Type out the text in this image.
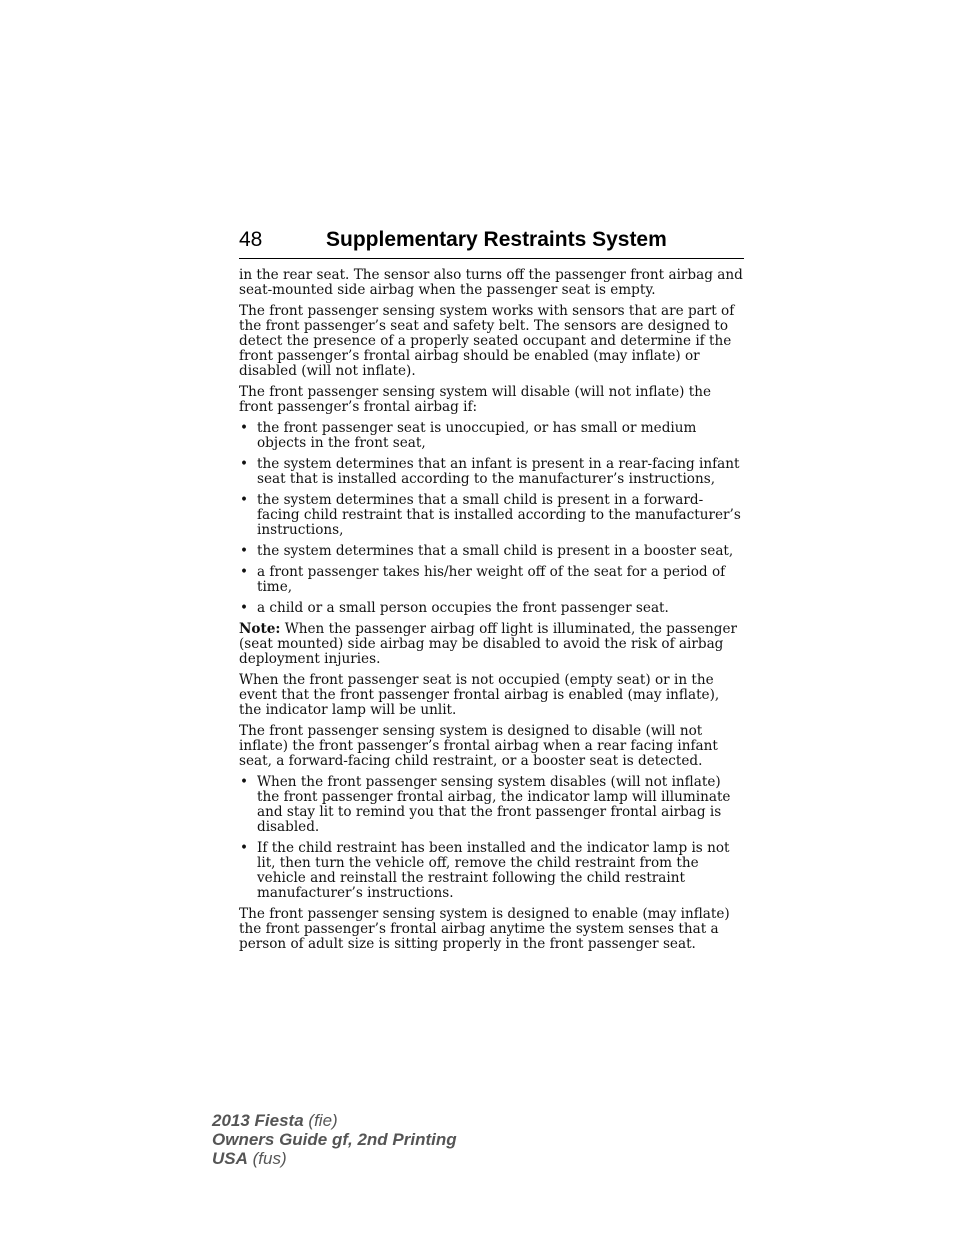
48	Supplementary Restraints System

in the rear seat. The sensor also turns off the passenger front airbag and seat-mounted side airbag when the passenger seat is empty.

The front passenger sensing system works with sensors that are part of the front passenger’s seat and safety belt. The sensors are designed to detect the presence of a properly seated occupant and determine if the front passenger’s frontal airbag should be enabled (may inflate) or disabled (will not inflate).

The front passenger sensing system will disable (will not inflate) the front passenger’s frontal airbag if:

• the front passenger seat is unoccupied, or has small or medium objects in the front seat,
• the system determines that an infant is present in a rear-facing infant seat that is installed according to the manufacturer’s instructions,
• the system determines that a small child is present in a forward-facing child restraint that is installed according to the manufacturer’s instructions,
• the system determines that a small child is present in a booster seat,
• a front passenger takes his/her weight off of the seat for a period of time,
• a child or a small person occupies the front passenger seat.

Note: When the passenger airbag off light is illuminated, the passenger (seat mounted) side airbag may be disabled to avoid the risk of airbag deployment injuries.

When the front passenger seat is not occupied (empty seat) or in the event that the front passenger frontal airbag is enabled (may inflate), the indicator lamp will be unlit.

The front passenger sensing system is designed to disable (will not inflate) the front passenger’s frontal airbag when a rear facing infant seat, a forward-facing child restraint, or a booster seat is detected.

• When the front passenger sensing system disables (will not inflate) the front passenger frontal airbag, the indicator lamp will illuminate and stay lit to remind you that the front passenger frontal airbag is disabled.
• If the child restraint has been installed and the indicator lamp is not lit, then turn the vehicle off, remove the child restraint from the vehicle and reinstall the restraint following the child restraint manufacturer’s instructions.

The front passenger sensing system is designed to enable (may inflate) the front passenger’s frontal airbag anytime the system senses that a person of adult size is sitting properly in the front passenger seat.

2013 Fiesta (fie)
Owners Guide gf, 2nd Printing
USA (fus)
